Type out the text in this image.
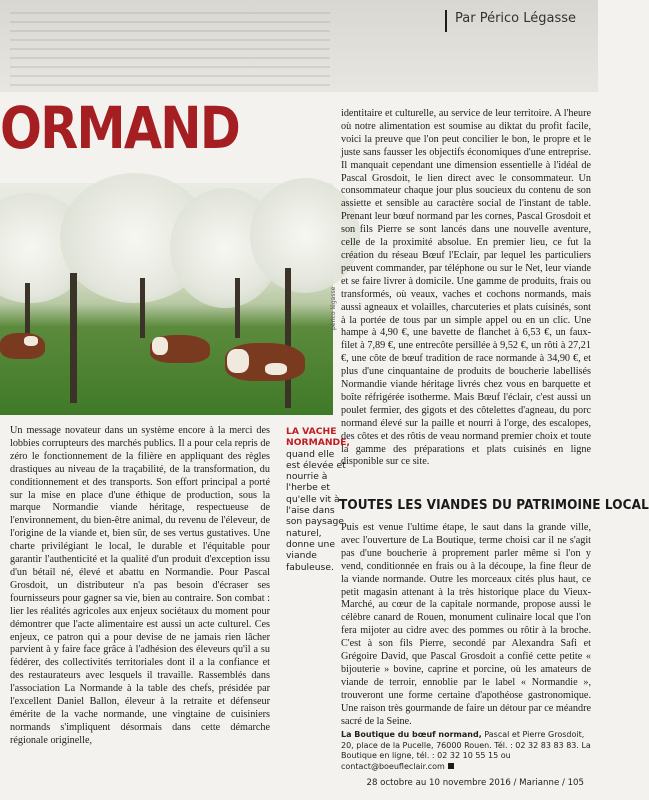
Par Périco Légasse
ORMAND
périco légasse
LA VACHE NORMANDE, quand elle est élevée et nourrie à l'herbe et qu'elle vit à l'aise dans son paysage naturel, donne une viande fabuleuse.

Un message novateur dans un système encore à la merci des lobbies corrupteurs des marchés publics. Il a pour cela repris de zéro le fonctionnement de la filière en appliquant des règles drastiques au niveau de la traçabilité, de la transformation, du conditionnement et des transports. Son effort principal a porté sur la mise en place d'une éthique de production, sous la marque Normandie viande héritage, respectueuse de l'environnement, du bien-être animal, du revenu de l'éleveur, de l'origine de la viande et, bien sûr, de ses vertus gustatives. Une charte privilégiant le local, le durable et l'équitable pour garantir l'authenticité et la qualité d'un produit d'exception issu d'un bétail né, élevé et abattu en Normandie. Pour Pascal Grosdoit, un distributeur n'a pas besoin d'écraser ses fournisseurs pour gagner sa vie, bien au contraire. Son combat : lier les réalités agricoles aux enjeux sociétaux du moment pour démontrer que l'acte alimentaire est aussi un acte culturel. Ces enjeux, ce patron qui a pour devise de ne jamais rien lâcher parvient à y faire face grâce à l'adhésion des éleveurs qu'il a su fédérer, des collectivités territoriales dont il a la confiance et des restaurateurs avec lesquels il travaille. Rassemblés dans l'association La Normande à la table des chefs, présidée par l'excellent Daniel Ballon, éleveur à la retraite et défenseur émérite de la vache normande, une vingtaine de cuisiniers normands s'impliquent désormais dans cette démarche régionale originelle,

identitaire et culturelle, au service de leur territoire. A l'heure où notre alimentation est soumise au diktat du profit facile, voici la preuve que l'on peut concilier le bon, le propre et le juste sans fausser les objectifs économiques d'une entreprise. Il manquait cependant une dimension essentielle à l'idéal de Pascal Grosdoit, le lien direct avec le consommateur. Un consommateur chaque jour plus soucieux du contenu de son assiette et sensible au caractère social de l'instant de table. Prenant leur bœuf normand par les cornes, Pascal Grosdoit et son fils Pierre se sont lancés dans une nouvelle aventure, celle de la proximité absolue. En premier lieu, ce fut la création du réseau Bœuf l'Eclair, par lequel les particuliers peuvent commander, par téléphone ou sur le Net, leur viande et se faire livrer à domicile. Une gamme de produits, frais ou transformés, où veaux, vaches et cochons normands, mais aussi agneaux et volailles, charcuteries et plats cuisinés, sont à la portée de tous par un simple appel ou en un clic. Une hampe à 4,90 €, une bavette de flanchet à 6,53 €, un faux-filet à 7,89 €, une entrecôte persillée à 9,52 €, un rôti à 27,21 €, une côte de bœuf tradition de race normande à 34,90 €, et plus d'une cinquantaine de produits de boucherie labellisés Normandie viande héritage livrés chez vous en barquette et boîte réfrigérée isotherme. Mais Bœuf l'éclair, c'est aussi un poulet fermier, des gigots et des côtelettes d'agneau, du porc normand élevé sur la paille et nourri à l'orge, des escalopes, des côtes et des rôtis de veau normand premier choix et toute la gamme des préparations et plats cuisinés en ligne disponible sur ce site.

TOUTES LES VIANDES DU PATRIMOINE LOCAL

Puis est venue l'ultime étape, le saut dans la grande ville, avec l'ouverture de La Boutique, terme choisi car il ne s'agit pas d'une boucherie à proprement parler même si l'on y vend, conditionnée en frais ou à la découpe, la fine fleur de la viande normande. Outre les morceaux cités plus haut, ce petit magasin attenant à la très historique place du Vieux-Marché, au cœur de la capitale normande, propose aussi le célèbre canard de Rouen, monument culinaire local que l'on fera mijoter au cidre avec des pommes ou rôtir à la broche. C'est à son fils Pierre, secondé par Alexandra Safi et Grégoire David, que Pascal Grosdoit a confié cette petite « bijouterie » bovine, caprine et porcine, où les amateurs de viande de terroir, ennoblie par le label « Normandie », trouveront une forme certaine d'apothéose gastronomique. Une raison très gourmande de faire un détour par ce méandre sacré de la Seine.

La Boutique du bœuf normand, Pascal et Pierre Grosdoit, 20, place de la Pucelle, 76000 Rouen. Tél. : 02 32 83 83 83. La Boutique en ligne, tél. : 02 32 10 55 15 ou contact@boeufleclair.com
28 octobre au 10 novembre 2016 / Marianne / 105
